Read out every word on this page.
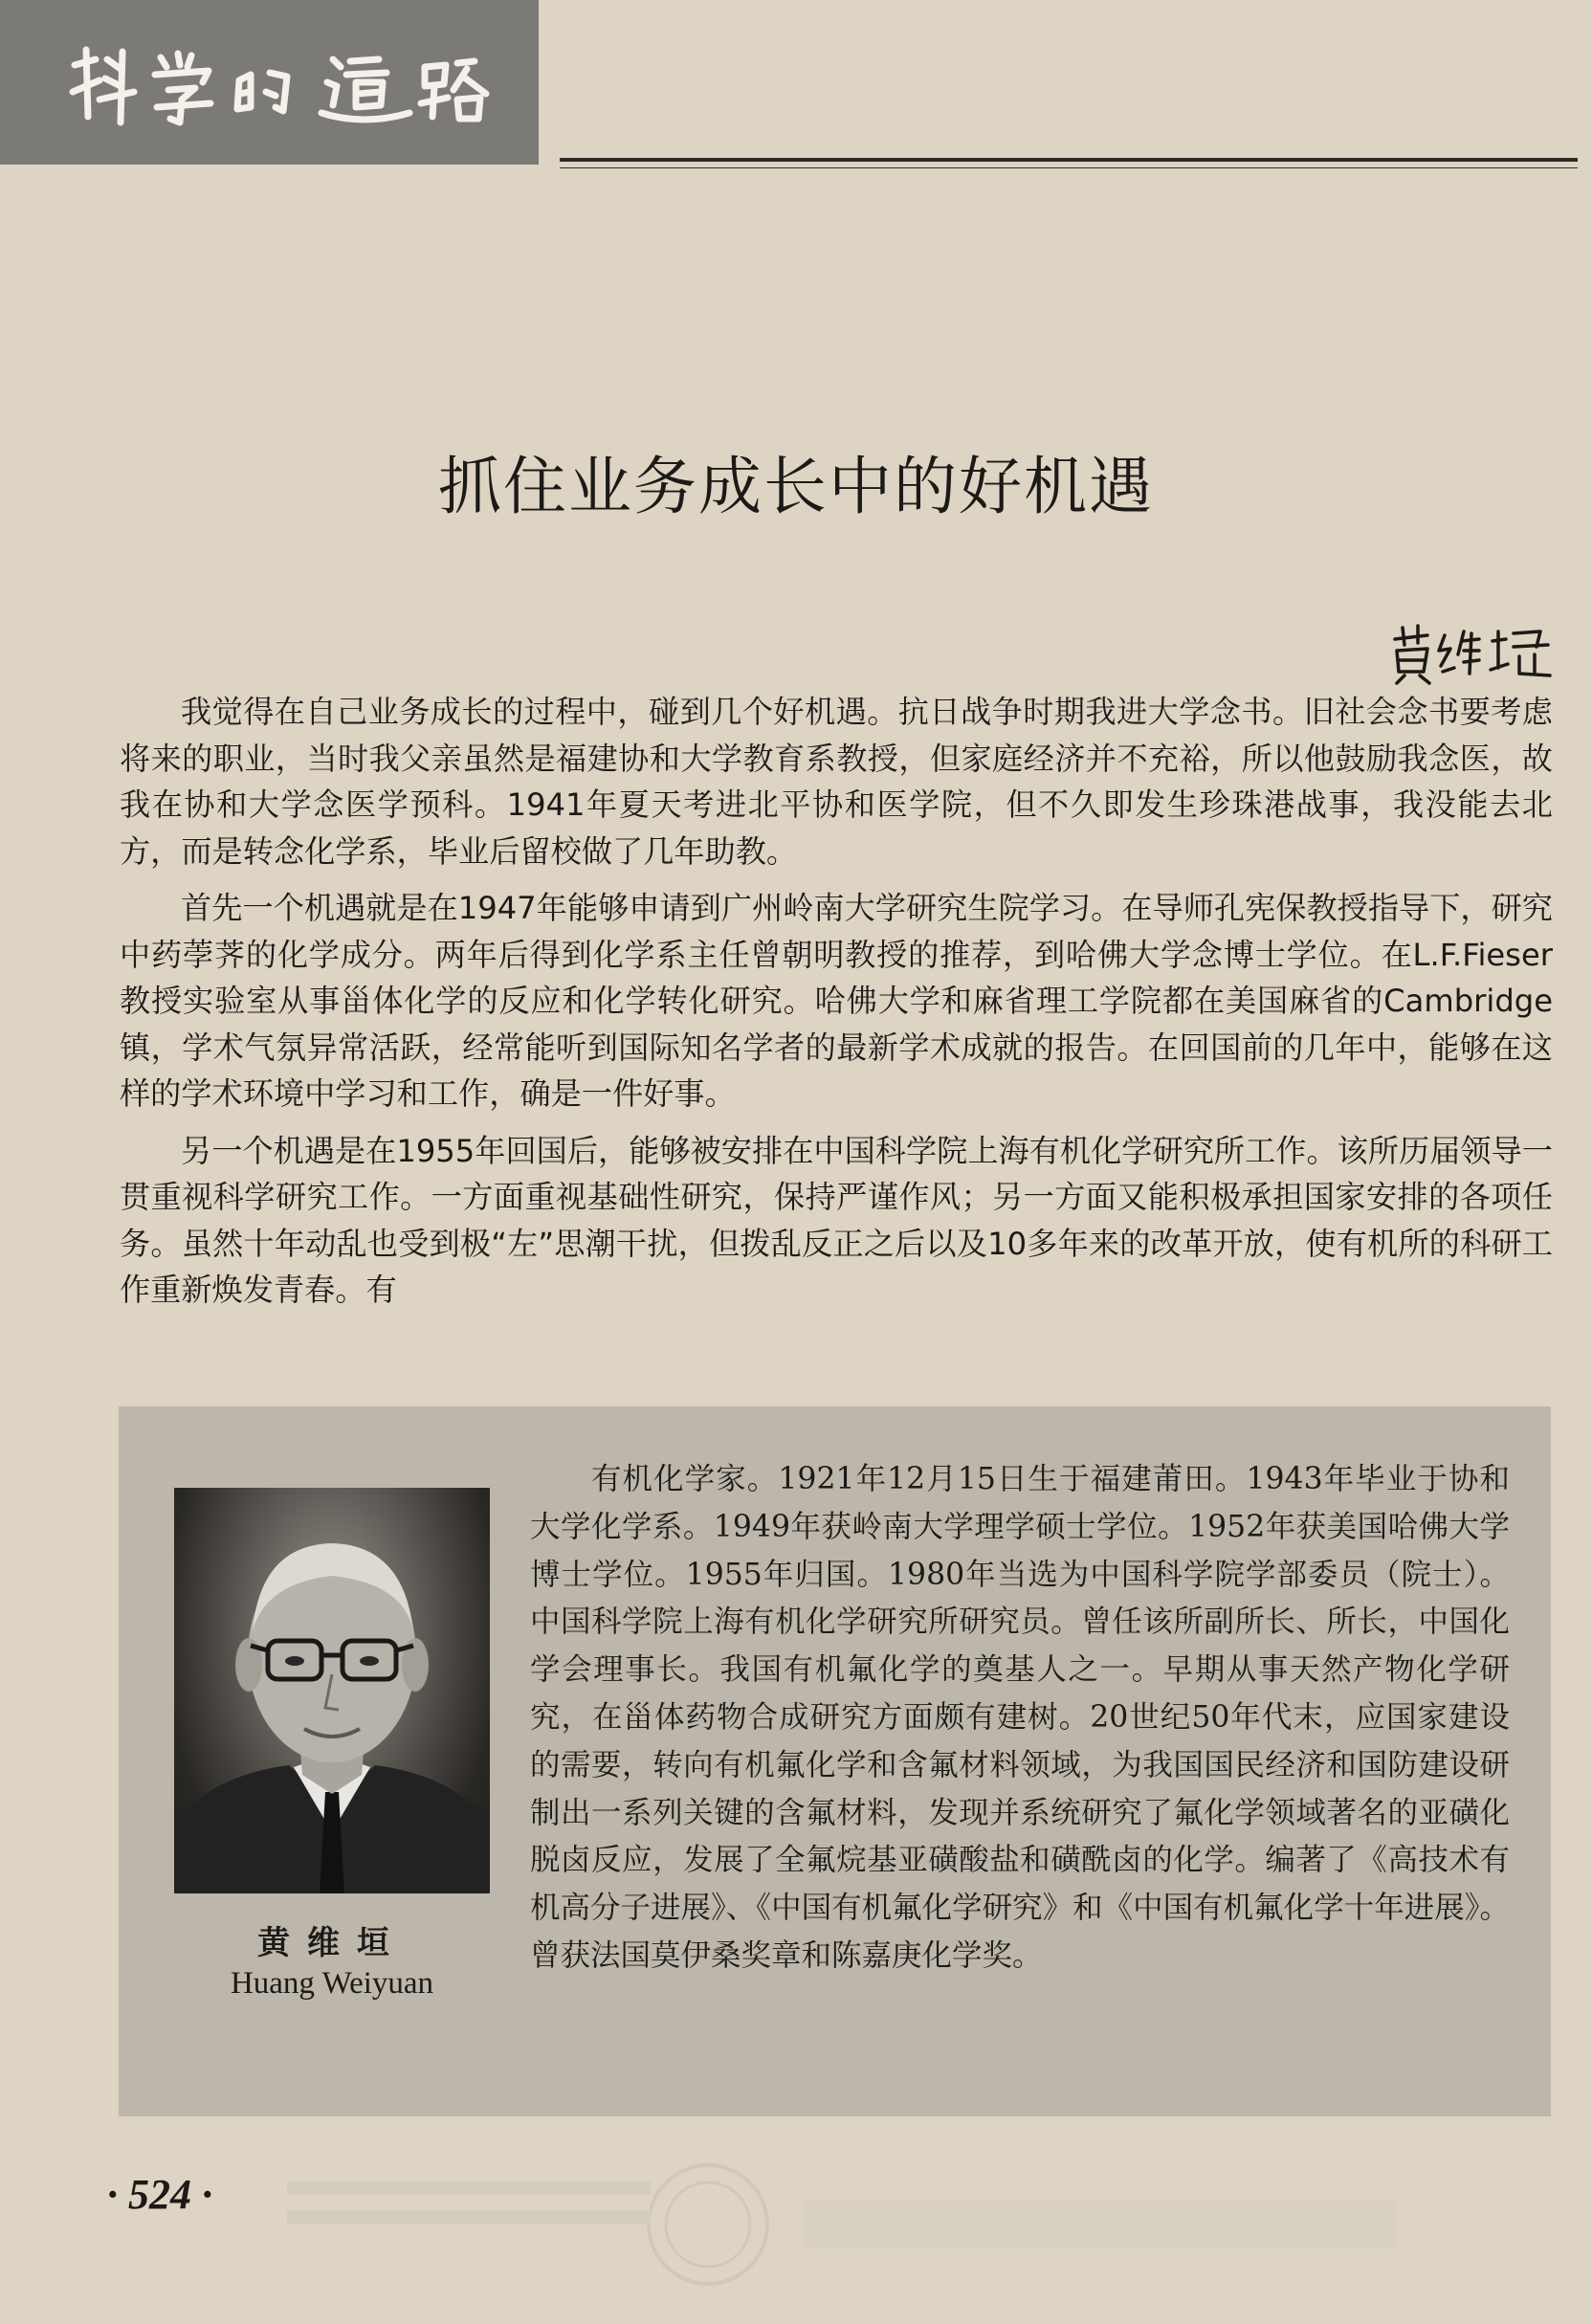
抓住业务成长中的好机遇

我觉得在自己业务成长的过程中，碰到几个好机遇。抗日战争时期我进大学念书。旧社会念书要考虑将来的职业，当时我父亲虽然是福建协和大学教育系教授，但家庭经济并不充裕，所以他鼓励我念医，故我在协和大学念医学预科。1941年夏天考进北平协和医学院，但不久即发生珍珠港战事，我没能去北方，而是转念化学系，毕业后留校做了几年助教。

首先一个机遇就是在1947年能够申请到广州岭南大学研究生院学习。在导师孔宪保教授指导下，研究中药荸荠的化学成分。两年后得到化学系主任曾朝明教授的推荐，到哈佛大学念博士学位。在L.F.Fieser教授实验室从事甾体化学的反应和化学转化研究。哈佛大学和麻省理工学院都在美国麻省的Cambridge镇，学术气氛异常活跃，经常能听到国际知名学者的最新学术成就的报告。在回国前的几年中，能够在这样的学术环境中学习和工作，确是一件好事。

另一个机遇是在1955年回国后，能够被安排在中国科学院上海有机化学研究所工作。该所历届领导一贯重视科学研究工作。一方面重视基础性研究，保持严谨作风；另一方面又能积极承担国家安排的各项任务。虽然十年动乱也受到极“左”思潮干扰，但拨乱反正之后以及10多年来的改革开放，使有机所的科研工作重新焕发青春。有

黄维垣
Huang Weiyuan
有机化学家。1921年12月15日生于福建莆田。1943年毕业于协和大学化学系。1949年获岭南大学理学硕士学位。1952年获美国哈佛大学博士学位。1955年归国。1980年当选为中国科学院学部委员（院士）。中国科学院上海有机化学研究所研究员。曾任该所副所长、所长，中国化学会理事长。我国有机氟化学的奠基人之一。早期从事天然产物化学研究，在甾体药物合成研究方面颇有建树。20世纪50年代末，应国家建设的需要，转向有机氟化学和含氟材料领域，为我国国民经济和国防建设研制出一系列关键的含氟材料，发现并系统研究了氟化学领域著名的亚磺化脱卤反应，发展了全氟烷基亚磺酸盐和磺酰卤的化学。编著了《高技术有机高分子进展》、《中国有机氟化学研究》和《中国有机氟化学十年进展》。曾获法国莫伊桑奖章和陈嘉庚化学奖。
· 524 ·
